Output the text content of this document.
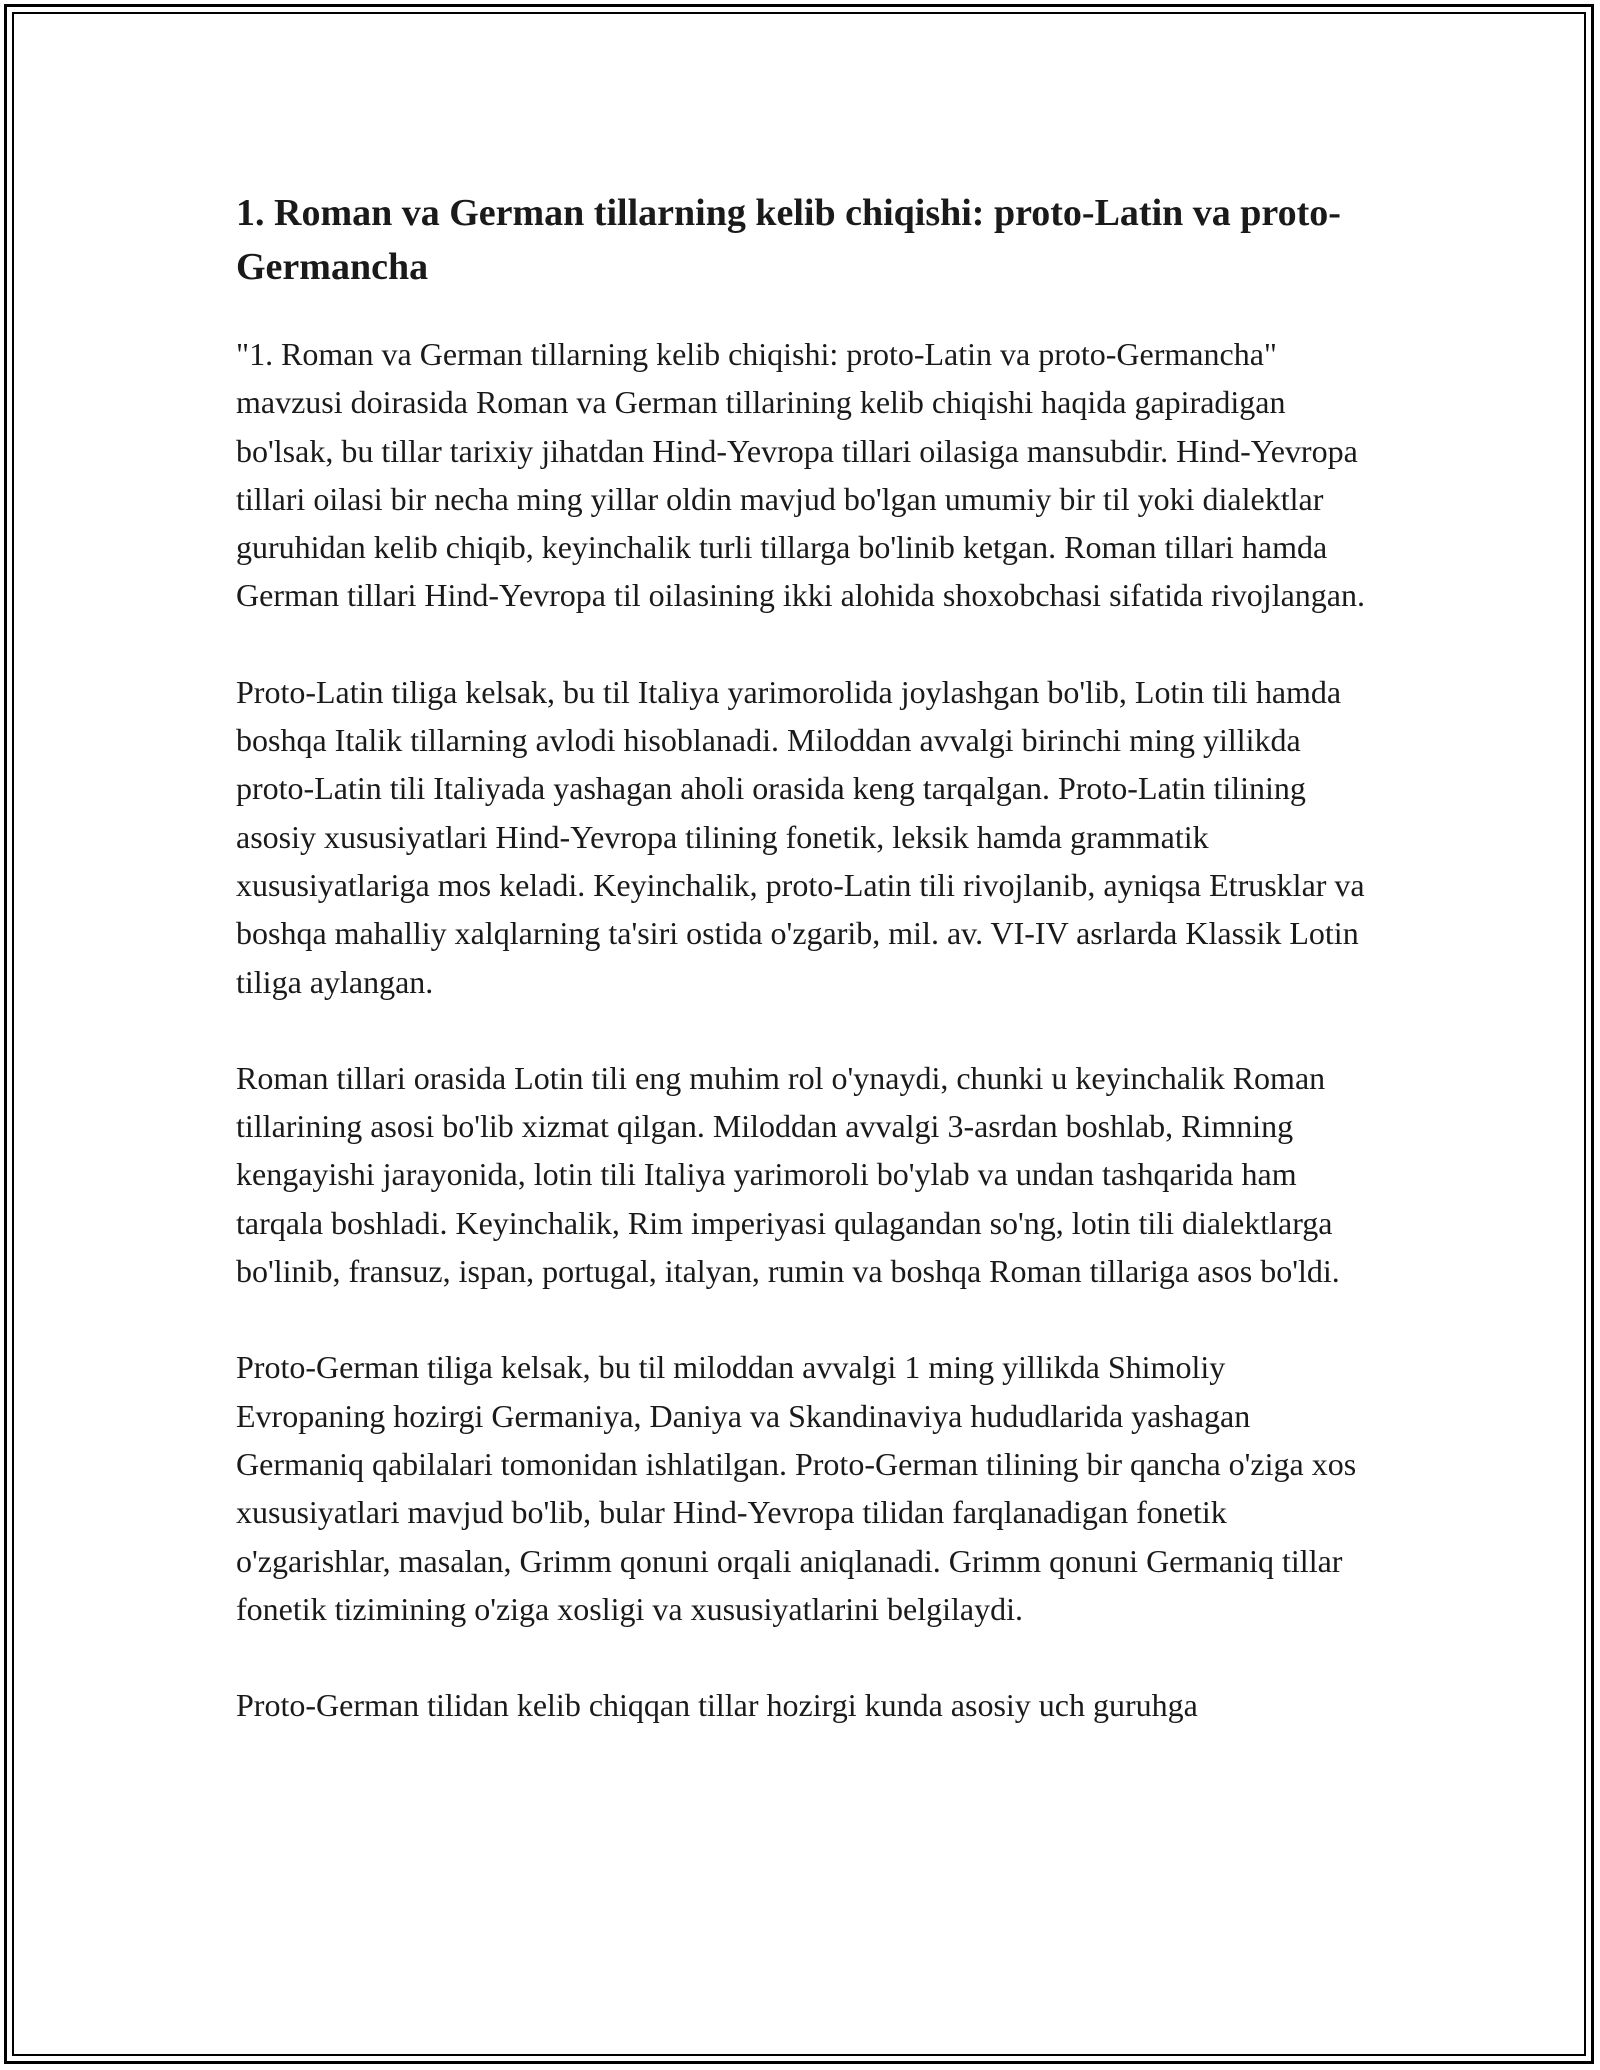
1. Roman va German tillarning kelib chiqishi: proto-Latin va proto-Germancha

"1. Roman va German tillarning kelib chiqishi: proto-Latin va proto-Germancha" mavzusi doirasida Roman va German tillarining kelib chiqishi haqida gapiradigan bo'lsak, bu tillar tarixiy jihatdan Hind-Yevropa tillari oilasiga mansubdir. Hind-Yevropa tillari oilasi bir necha ming yillar oldin mavjud bo'lgan umumiy bir til yoki dialektlar guruhidan kelib chiqib, keyinchalik turli tillarga bo'linib ketgan. Roman tillari hamda German tillari Hind-Yevropa til oilasining ikki alohida shoxobchasi sifatida rivojlangan.

Proto-Latin tiliga kelsak, bu til Italiya yarimorolida joylashgan bo'lib, Lotin tili hamda boshqa Italik tillarning avlodi hisoblanadi. Miloddan avvalgi birinchi ming yillikda proto-Latin tili Italiyada yashagan aholi orasida keng tarqalgan. Proto-Latin tilining asosiy xususiyatlari Hind-Yevropa tilining fonetik, leksik hamda grammatik xususiyatlariga mos keladi. Keyinchalik, proto-Latin tili rivojlanib, ayniqsa Etrusklar va boshqa mahalliy xalqlarning ta'siri ostida o'zgarib, mil. av. VI-IV asrlarda Klassik Lotin tiliga aylangan.

Roman tillari orasida Lotin tili eng muhim rol o'ynaydi, chunki u keyinchalik Roman tillarining asosi bo'lib xizmat qilgan. Miloddan avvalgi 3-asrdan boshlab, Rimning kengayishi jarayonida, lotin tili Italiya yarimoroli bo'ylab va undan tashqarida ham tarqala boshladi. Keyinchalik, Rim imperiyasi qulagandan so'ng, lotin tili dialektlarga bo'linib, fransuz, ispan, portugal, italyan, rumin va boshqa Roman tillariga asos bo'ldi.

Proto-German tiliga kelsak, bu til miloddan avvalgi 1 ming yillikda Shimoliy Evropaning hozirgi Germaniya, Daniya va Skandinaviya hududlarida yashagan Germaniq qabilalari tomonidan ishlatilgan. Proto-German tilining bir qancha o'ziga xos xususiyatlari mavjud bo'lib, bular Hind-Yevropa tilidan farqlanadigan fonetik o'zgarishlar, masalan, Grimm qonuni orqali aniqlanadi. Grimm qonuni Germaniq tillar fonetik tizimining o'ziga xosligi va xususiyatlarini belgilaydi.

Proto-German tilidan kelib chiqqan tillar hozirgi kunda asosiy uch guruhga
